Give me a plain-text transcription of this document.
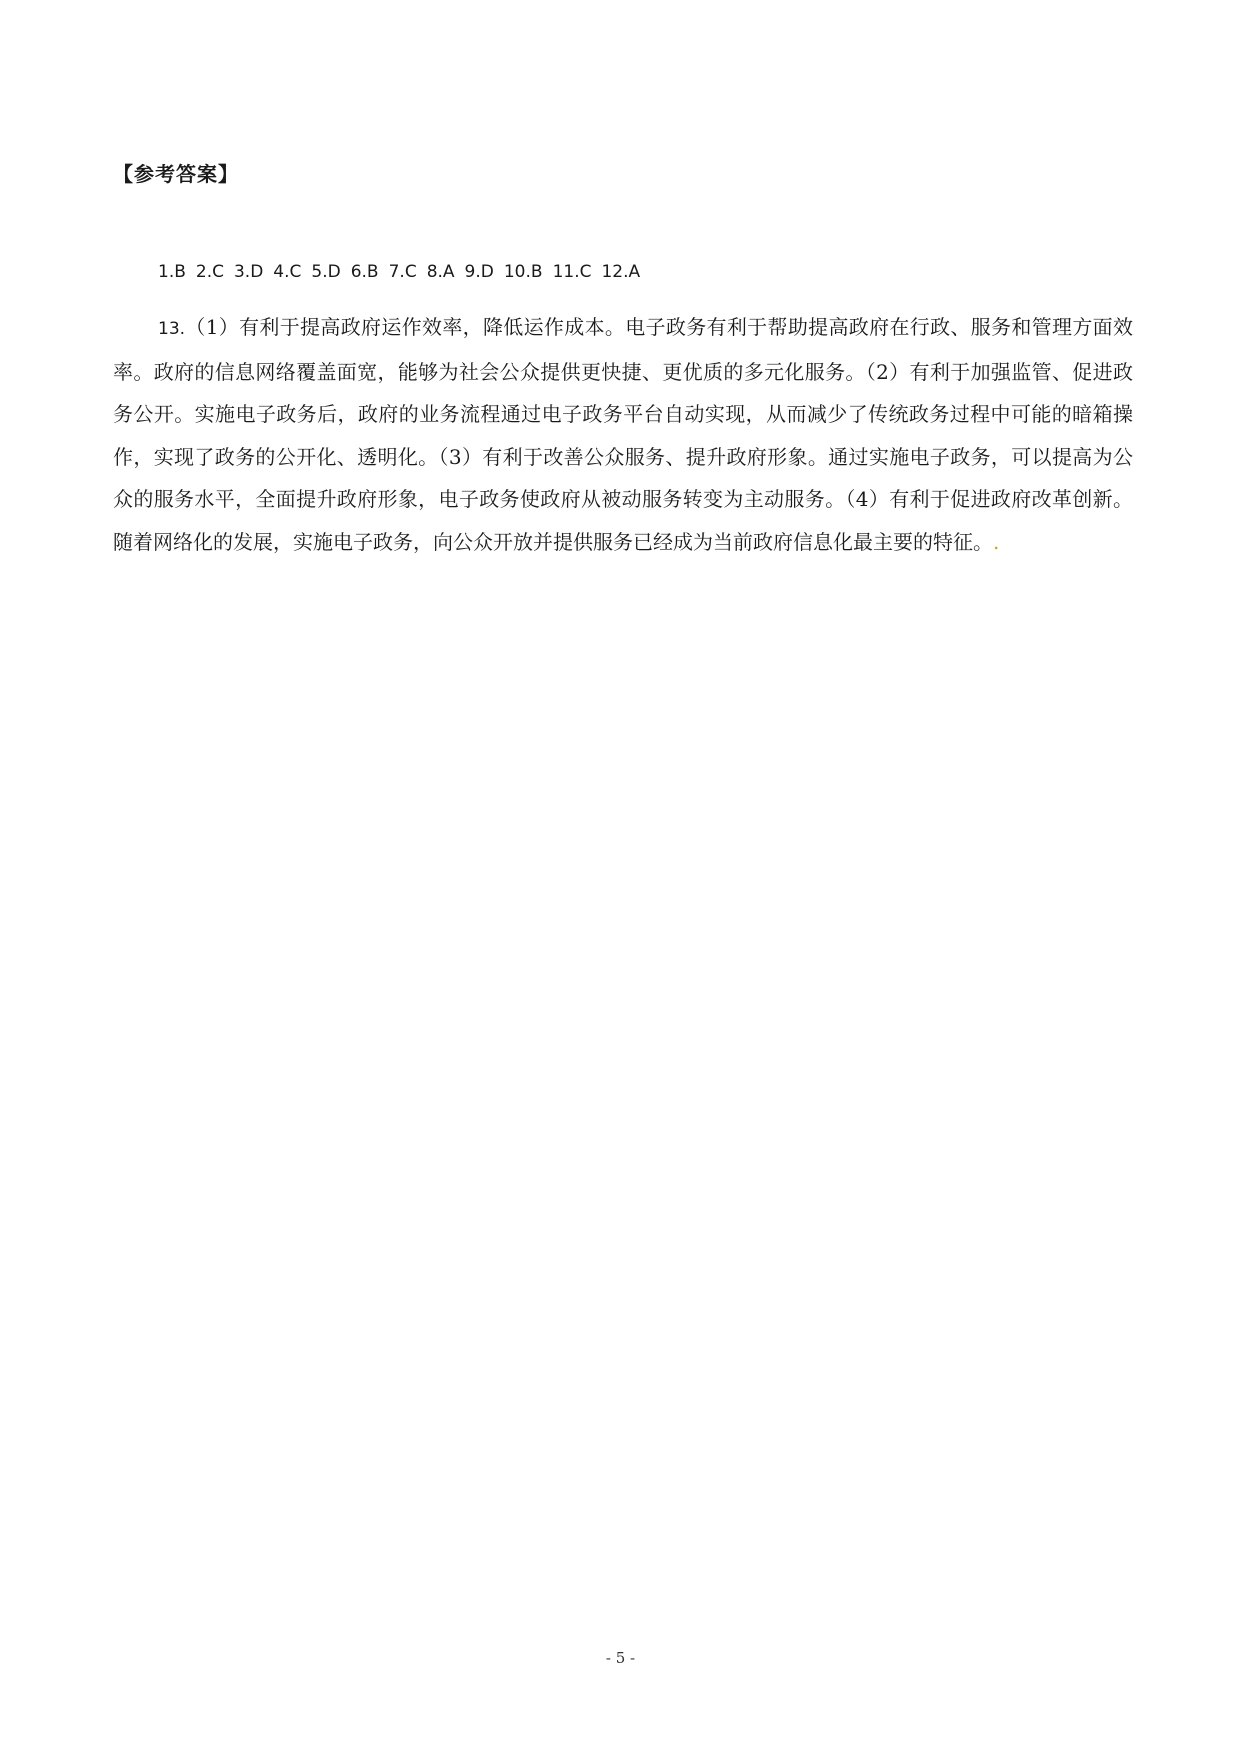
【参考答案】
1.B 2.C 3.D 4.C 5.D 6.B 7.C 8.A 9.D 10.B 11.C 12.A
13.（1）有利于提高政府运作效率，降低运作成本。电子政务有利于帮助提高政府在行政、服务和管理方面效率。政府的信息网络覆盖面宽，能够为社会公众提供更快捷、更优质的多元化服务。（2）有利于加强监管、促进政务公开。实施电子政务后，政府的业务流程通过电子政务平台自动实现，从而减少了传统政务过程中可能的暗箱操作，实现了政务的公开化、透明化。（3）有利于改善公众服务、提升政府形象。通过实施电子政务，可以提高为公众的服务水平，全面提升政府形象，电子政务使政府从被动服务转变为主动服务。（4）有利于促进政府改革创新。随着网络化的发展，实施电子政务，向公众开放并提供服务已经成为当前政府信息化最主要的特征。.
- 5 -
